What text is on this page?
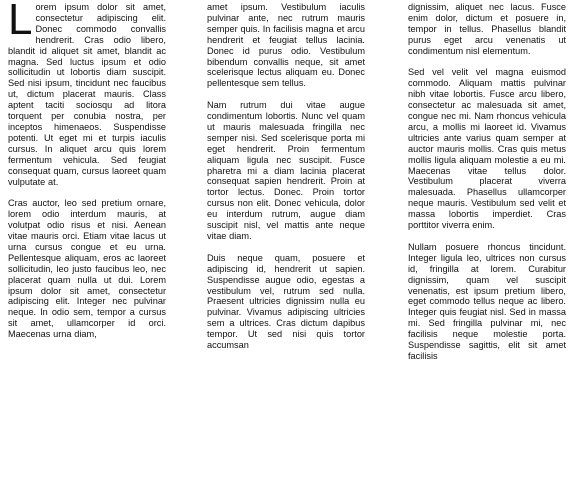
Lorem ipsum dolor sit amet, consectetur adipiscing elit. Donec commodo convallis hendrerit. Cras odio libero, blandit id aliquet sit amet, blandit ac magna. Sed luctus ipsum et odio sollicitudin ut lobortis diam suscipit. Sed nisi ipsum, tincidunt nec faucibus ut, dictum placerat mauris. Class aptent taciti sociosqu ad litora torquent per conubia nostra, per inceptos himenaeos. Suspendisse potenti. Ut eget mi et turpis iaculis cursus. In aliquet arcu quis lorem fermentum vehicula. Sed feugiat consequat quam, cursus laoreet quam vulputate at.

Cras auctor, leo sed pretium ornare, lorem odio interdum mauris, at volutpat odio risus et nisi. Aenean vitae mauris orci. Etiam vitae lacus ut urna cursus congue et eu urna. Pellentesque aliquam, eros ac laoreet sollicitudin, leo justo faucibus leo, nec placerat quam nulla ut dui. Lorem ipsum dolor sit amet, consectetur adipiscing elit. Integer nec pulvinar neque. In odio sem, tempor a cursus sit amet, ullamcorper id orci. Maecenas urna diam,

amet ipsum. Vestibulum iaculis pulvinar ante, nec rutrum mauris semper quis. In facilisis magna et arcu hendrerit et feugiat tellus lacinia. Donec id purus odio. Vestibulum bibendum convallis neque, sit amet scelerisque lectus aliquam eu. Donec pellentesque sem tellus.

Nam rutrum dui vitae augue condimentum lobortis. Nunc vel quam ut mauris malesuada fringilla nec semper nisi. Sed scelerisque porta mi eget hendrerit. Proin fermentum aliquam ligula nec suscipit. Fusce pharetra mi a diam lacinia placerat consequat sapien hendrerit. Proin at tortor lectus. Donec. Proin tortor cursus non elit. Donec vehicula, dolor eu interdum rutrum, augue diam suscipit nisl, vel mattis ante neque vitae diam.

Duis neque quam, posuere et adipiscing id, hendrerit ut sapien. Suspendisse augue odio, egestas a vestibulum vel, rutrum sed nulla. Praesent ultricies dignissim nulla eu pulvinar. Vivamus adipiscing ultricies sem a ultrices. Cras dictum dapibus tempor. Ut sed nisi quis tortor accumsan

dignissim, aliquet nec lacus. Fusce enim dolor, dictum et posuere in, tempor in tellus. Phasellus blandit purus eget arcu venenatis ut condimentum nisl elementum.

Sed vel velit vel magna euismod commodo. Aliquam mattis pulvinar nibh vitae lobortis. Fusce arcu libero, consectetur ac malesuada sit amet, congue nec mi. Nam rhoncus vehicula arcu, a mollis mi laoreet id. Vivamus ultricies ante varius quam semper at auctor mauris mollis. Cras quis metus mollis ligula aliquam molestie a eu mi. Maecenas vitae tellus dolor. Vestibulum placerat viverra malesuada. Phasellus ullamcorper neque mauris. Vestibulum sed velit et massa lobortis imperdiet. Cras porttitor viverra enim.

Nullam posuere rhoncus tincidunt. Integer ligula leo, ultrices non cursus id, fringilla at lorem. Curabitur dignissim, quam vel suscipit venenatis, est ipsum pretium libero, eget commodo tellus neque ac libero. Integer quis feugiat nisl. Sed in massa mi. Sed fringilla pulvinar mi, nec facilisis neque molestie porta. Suspendisse sagittis, elit sit amet facilisis
